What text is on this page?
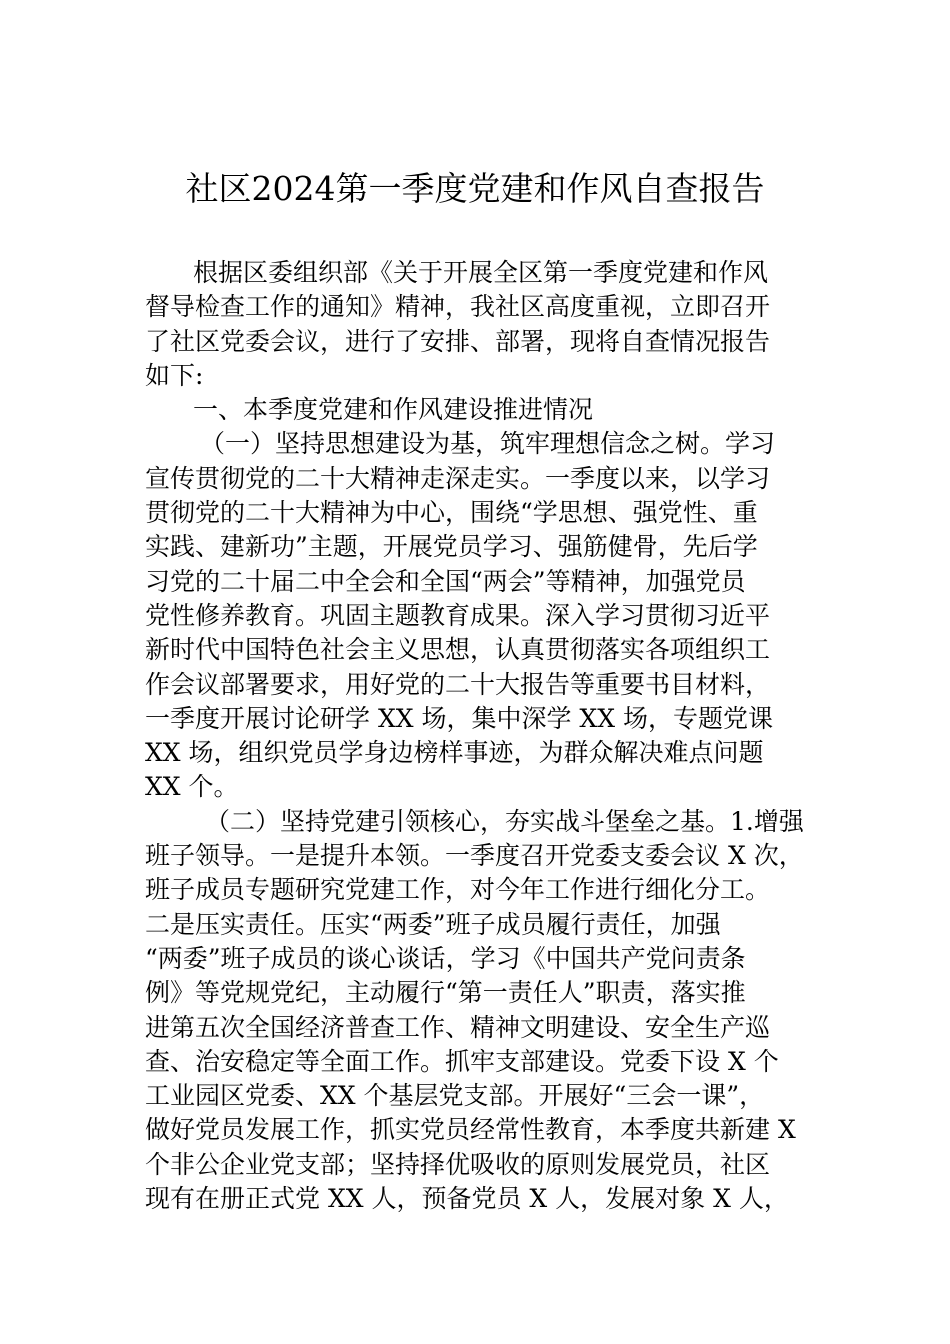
社区2024第一季度党建和作风自查报告
根据区委组织部《关于开展全区第一季度党建和作风
督导检查工作的通知》精神，我社区高度重视，立即召开
了社区党委会议，进行了安排、部署，现将自查情况报告
如下:
一、本季度党建和作风建设推进情况
（一）坚持思想建设为基，筑牢理想信念之树。学习
宣传贯彻党的二十大精神走深走实。一季度以来，以学习
贯彻党的二十大精神为中心，围绕“学思想、强党性、重
实践、建新功”主题，开展党员学习、强筋健骨，先后学
习党的二十届二中全会和全国“两会”等精神，加强党员
党性修养教育。巩固主题教育成果。深入学习贯彻习近平
新时代中国特色社会主义思想，认真贯彻落实各项组织工
作会议部署要求，用好党的二十大报告等重要书目材料，
一季度开展讨论研学 XX 场，集中深学 XX 场，专题党课
XX 场，组织党员学身边榜样事迹，为群众解决难点问题
XX 个。
（二）坚持党建引领核心，夯实战斗堡垒之基。1.增强
班子领导。一是提升本领。一季度召开党委支委会议 X 次，
班子成员专题研究党建工作，对今年工作进行细化分工。
二是压实责任。压实“两委”班子成员履行责任，加强
“两委”班子成员的谈心谈话，学习《中国共产党问责条
例》等党规党纪，主动履行“第一责任人”职责，落实推
进第五次全国经济普查工作、精神文明建设、安全生产巡
查、治安稳定等全面工作。抓牢支部建设。党委下设 X 个
工业园区党委、XX 个基层党支部。开展好“三会一课”，
做好党员发展工作，抓实党员经常性教育，本季度共新建 X
个非公企业党支部；坚持择优吸收的原则发展党员，社区
现有在册正式党 XX 人，预备党员 X 人，发展对象 X 人，
